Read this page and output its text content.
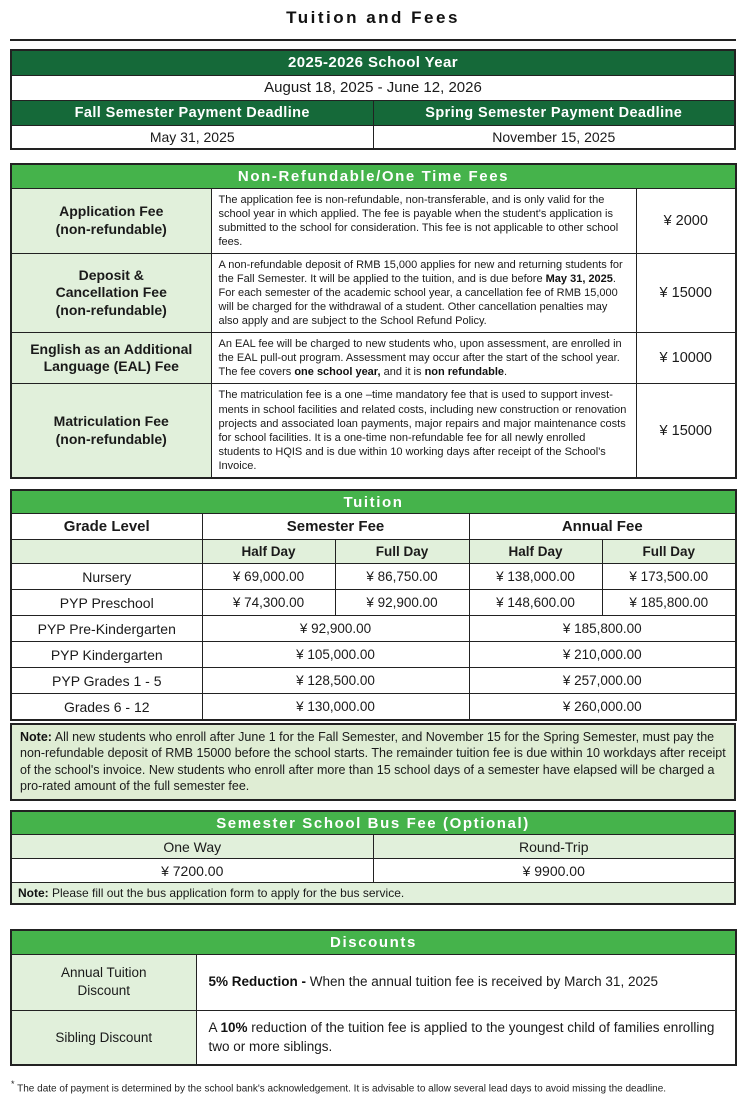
Tuition and Fees
2025-2026 School Year	
August 18, 2025 - June 12, 2026	
Fall Semester Payment Deadline	Spring Semester Payment Deadline
May 31, 2025	November 15, 2025
Non-Refundable/One Time Fees		
Application Fee
(non-refundable)	The application fee is non-refundable, non-transferable, and is only valid for the school year in which applied. The fee is payable when the student's application is submitted to the school for consideration. This fee is not applicable to other school fees.	¥ 2000
Deposit &
Cancellation Fee
(non-refundable)	A non-refundable deposit of RMB 15,000 applies for new and returning students for the Fall Semester. It will be applied to the tuition, and is due before May 31, 2025. For each semester of the academic school year, a cancellation fee of RMB 15,000 will be charged for the withdrawal of a student. Other cancellation penalties may also apply and are subject to the School Refund Policy.	¥ 15000
English as an Additional
Language (EAL) Fee	An EAL fee will be charged to new students who, upon assessment, are enrolled in the EAL pull-out program. Assessment may occur after the start of the school year. The fee covers one school year, and it is non refundable.	¥ 10000
Matriculation Fee
(non-refundable)	The matriculation fee is a one –time mandatory fee that is used to support invest-ments in school facilities and related costs, including new construction or renovation projects and associated loan payments, major repairs and major maintenance costs for school facilities. It is a one-time non-refundable fee for all newly enrolled students to HQIS and is due within 10 working days after receipt of the School's Invoice.	¥ 15000
Tuition				
Grade Level	Semester Fee		Annual Fee	
	Half Day	Full Day	Half Day	Full Day
Nursery	¥ 69,000.00	¥ 86,750.00	¥ 138,000.00	¥ 173,500.00
PYP Preschool	¥ 74,300.00	¥ 92,900.00	¥ 148,600.00	¥ 185,800.00
PYP Pre-Kindergarten	¥ 92,900.00		¥ 185,800.00	
PYP Kindergarten	¥ 105,000.00		¥ 210,000.00	
PYP Grades 1 - 5	¥ 128,500.00		¥ 257,000.00	
Grades 6 - 12	¥ 130,000.00		¥ 260,000.00	
Note: All new students who enroll after June 1 for the Fall Semester, and November 15 for the Spring Semester, must pay the non-refundable deposit of RMB 15000 before the school starts. The remainder tuition fee is due within 10 workdays after receipt of the school's invoice. New students who enroll after more than 15 school days of a semester have elapsed will be charged a pro-rated amount of the full semester fee.
Semester School Bus Fee (Optional)	
One Way	Round-Trip
¥ 7200.00	¥ 9900.00
Note: Please fill out the bus application form to apply for the bus service.	
Discounts	
Annual Tuition
Discount	5% Reduction - When the annual tuition fee is received by March 31, 2025
Sibling Discount	A 10% reduction of the tuition fee is applied to the youngest child of families enrolling two or more siblings.
* The date of payment is determined by the school bank's acknowledgement. It is advisable to allow several lead days to avoid missing the deadline.
